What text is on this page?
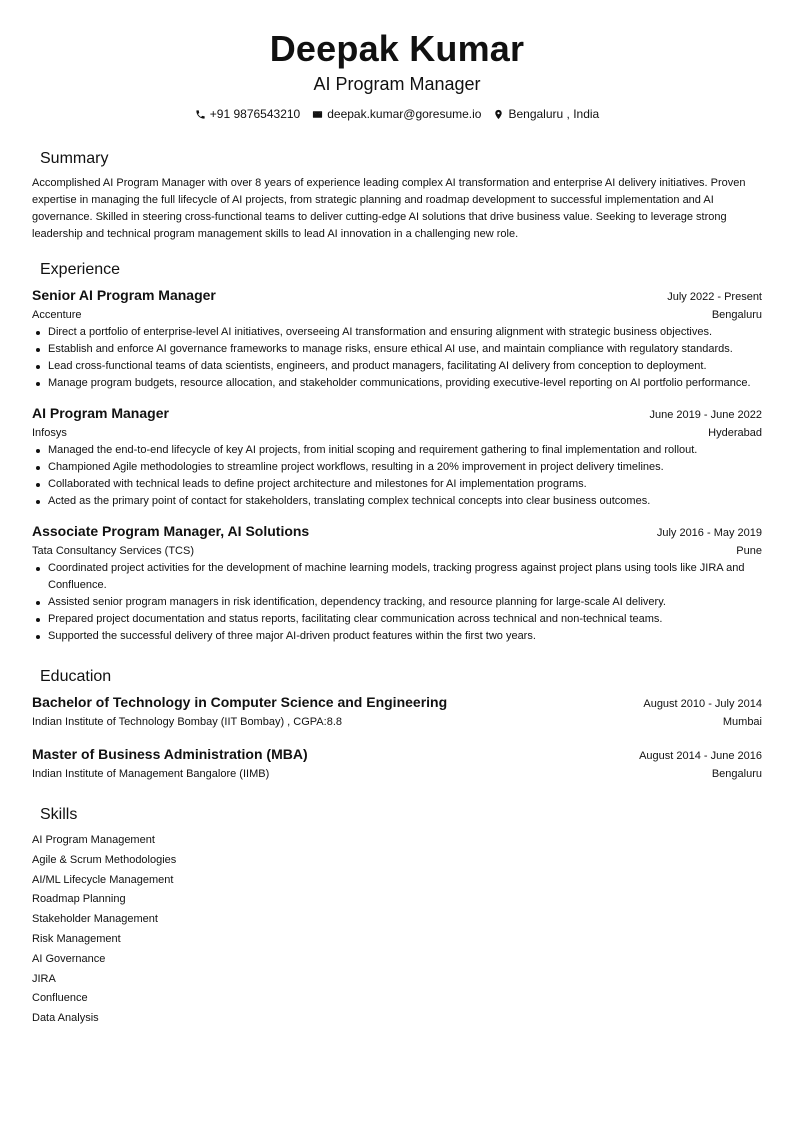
Deepak Kumar
AI Program Manager
+91 9876543210 deepak.kumar@goresume.io Bengaluru , India
Summary

Accomplished AI Program Manager with over 8 years of experience leading complex AI transformation and enterprise AI delivery initiatives. Proven expertise in managing the full lifecycle of AI projects, from strategic planning and roadmap development to successful implementation and AI governance. Skilled in steering cross-functional teams to deliver cutting-edge AI solutions that drive business value. Seeking to leverage strong leadership and technical program management skills to lead AI innovation in a challenging new role.

Experience
Senior AI Program Manager	July 2022 - Present
Accenture	Bengaluru
Direct a portfolio of enterprise-level AI initiatives, overseeing AI transformation and ensuring alignment with strategic business objectives.
Establish and enforce AI governance frameworks to manage risks, ensure ethical AI use, and maintain compliance with regulatory standards.
Lead cross-functional teams of data scientists, engineers, and product managers, facilitating AI delivery from conception to deployment.
Manage program budgets, resource allocation, and stakeholder communications, providing executive-level reporting on AI portfolio performance.
AI Program Manager	June 2019 - June 2022
Infosys	Hyderabad
Managed the end-to-end lifecycle of key AI projects, from initial scoping and requirement gathering to final implementation and rollout.
Championed Agile methodologies to streamline project workflows, resulting in a 20% improvement in project delivery timelines.
Collaborated with technical leads to define project architecture and milestones for AI implementation programs.
Acted as the primary point of contact for stakeholders, translating complex technical concepts into clear business outcomes.
Associate Program Manager, AI Solutions	July 2016 - May 2019
Tata Consultancy Services (TCS)	Pune
Coordinated project activities for the development of machine learning models, tracking progress against project plans using tools like JIRA and Confluence.
Assisted senior program managers in risk identification, dependency tracking, and resource planning for large-scale AI delivery.
Prepared project documentation and status reports, facilitating clear communication across technical and non-technical teams.
Supported the successful delivery of three major AI-driven product features within the first two years.
Education
Bachelor of Technology in Computer Science and Engineering	August 2010 - July 2014
Indian Institute of Technology Bombay (IIT Bombay) , CGPA:8.8	Mumbai
Master of Business Administration (MBA)	August 2014 - June 2016
Indian Institute of Management Bangalore (IIMB)	Bengaluru
Skills
AI Program Management
Agile & Scrum Methodologies
AI/ML Lifecycle Management
Roadmap Planning
Stakeholder Management
Risk Management
AI Governance
JIRA
Confluence
Data Analysis
